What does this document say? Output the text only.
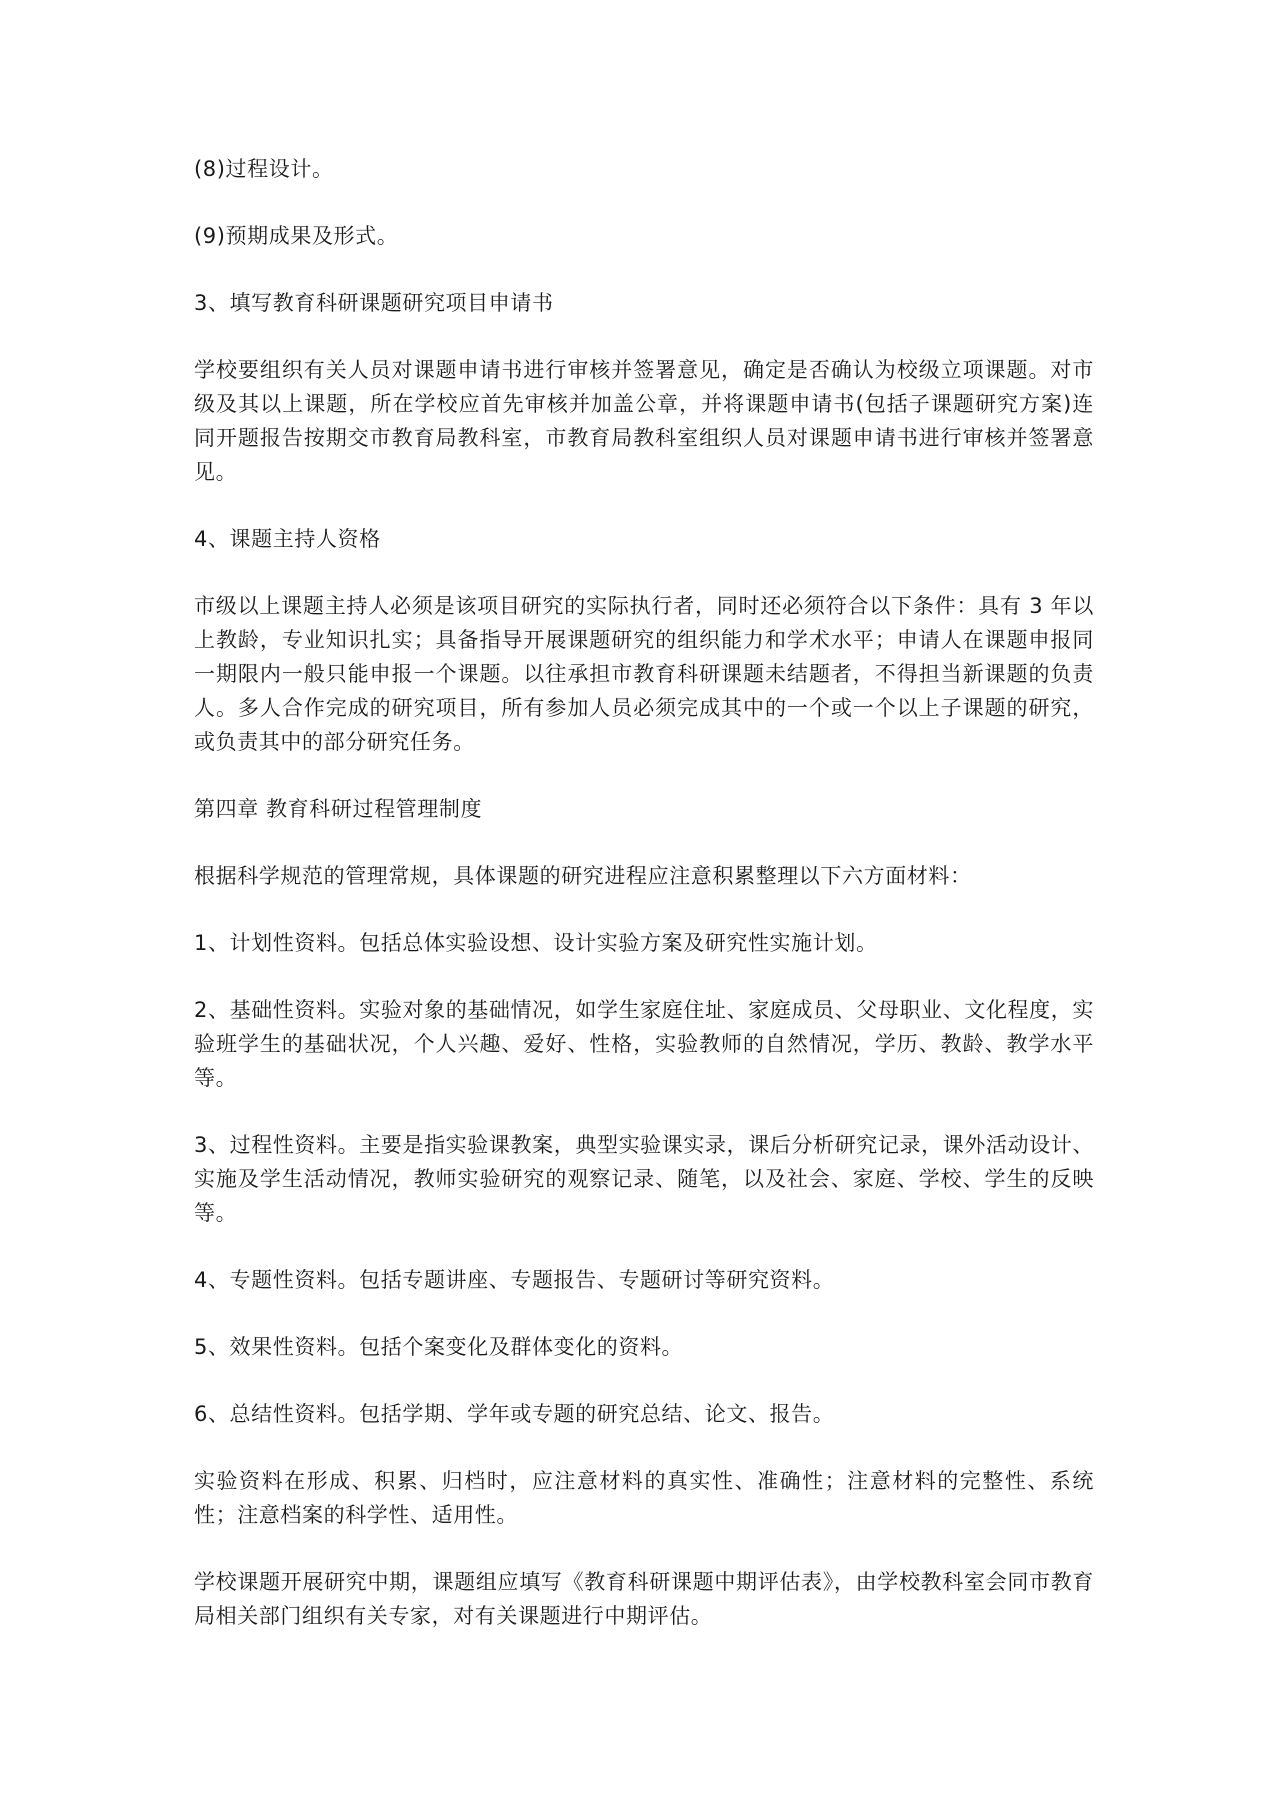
(8)过程设计。

(9)预期成果及形式。

3、填写教育科研课题研究项目申请书

学校要组织有关人员对课题申请书进行审核并签署意见，确定是否确认为校级立项课题。对市级及其以上课题，所在学校应首先审核并加盖公章，并将课题申请书(包括子课题研究方案)连同开题报告按期交市教育局教科室，市教育局教科室组织人员对课题申请书进行审核并签署意见。

4、课题主持人资格

市级以上课题主持人必须是该项目研究的实际执行者，同时还必须符合以下条件：具有 3 年以上教龄，专业知识扎实；具备指导开展课题研究的组织能力和学术水平；申请人在课题申报同一期限内一般只能申报一个课题。以往承担市教育科研课题未结题者，不得担当新课题的负责人。多人合作完成的研究项目，所有参加人员必须完成其中的一个或一个以上子课题的研究，或负责其中的部分研究任务。

第四章 教育科研过程管理制度

根据科学规范的管理常规，具体课题的研究进程应注意积累整理以下六方面材料：

1、计划性资料。包括总体实验设想、设计实验方案及研究性实施计划。

2、基础性资料。实验对象的基础情况，如学生家庭住址、家庭成员、父母职业、文化程度，实验班学生的基础状况，个人兴趣、爱好、性格，实验教师的自然情况，学历、教龄、教学水平等。

3、过程性资料。主要是指实验课教案，典型实验课实录，课后分析研究记录，课外活动设计、实施及学生活动情况，教师实验研究的观察记录、随笔，以及社会、家庭、学校、学生的反映等。

4、专题性资料。包括专题讲座、专题报告、专题研讨等研究资料。

5、效果性资料。包括个案变化及群体变化的资料。

6、总结性资料。包括学期、学年或专题的研究总结、论文、报告。

实验资料在形成、积累、归档时，应注意材料的真实性、准确性；注意材料的完整性、系统性；注意档案的科学性、适用性。

学校课题开展研究中期，课题组应填写《教育科研课题中期评估表》，由学校教科室会同市教育局相关部门组织有关专家，对有关课题进行中期评估。
